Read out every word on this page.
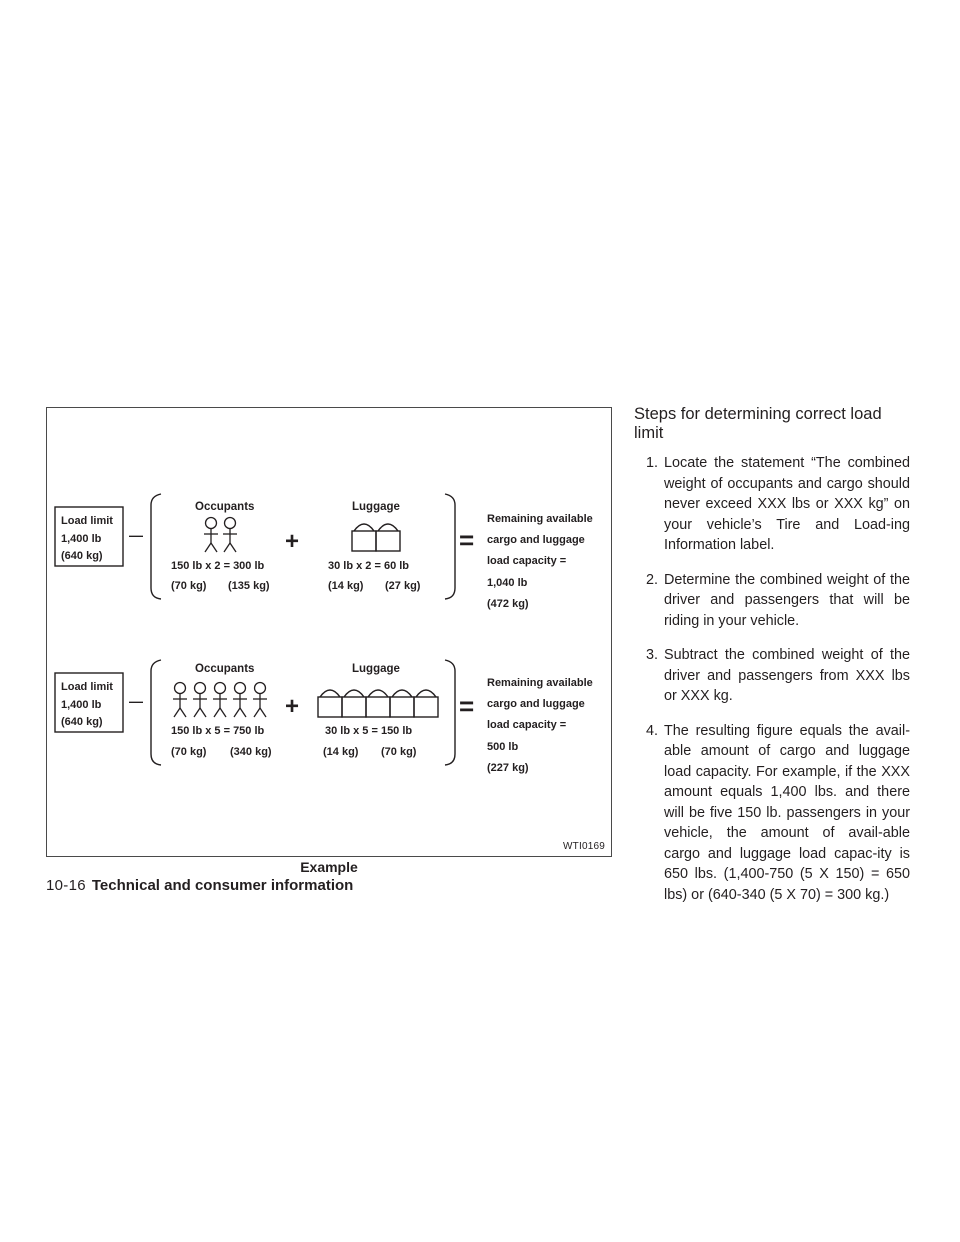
Load limit
1,400 lb
(640 kg)
—
Occupants
150 lb x 2 = 300 lb
(70 kg) (135 kg)
+
Luggage
30 lb x 2 = 60 lb
(14 kg) (27 kg)
=
Remaining available
cargo and luggage
load capacity =
1,040 lb
(472 kg)
Load limit
1,400 lb
(640 kg)
—
Occupants
150 lb x 5 = 750 lb
(70 kg) (340 kg)
+
Luggage
30 lb x 5 = 150 lb
(14 kg) (70 kg)
=
Remaining available
cargo and luggage
load capacity =
500 lb
(227 kg)
WTI0169
Example
10-16 Technical and consumer information
Steps for determining correct load limit
1. Locate the statement “The combined weight of occupants and cargo should never exceed XXX lbs or XXX kg” on your vehicle’s Tire and Load-ing Information label.
2. Determine the combined weight of the driver and passengers that will be riding in your vehicle.
3. Subtract the combined weight of the driver and passengers from XXX lbs or XXX kg.
4. The resulting figure equals the avail-able amount of cargo and luggage load capacity. For example, if the XXX amount equals 1,400 lbs. and there will be five 150 lb. passengers in your vehicle, the amount of avail-able cargo and luggage load capac-ity is 650 lbs. (1,400-750 (5 X 150) = 650 lbs) or (640-340 (5 X 70) = 300 kg.)
